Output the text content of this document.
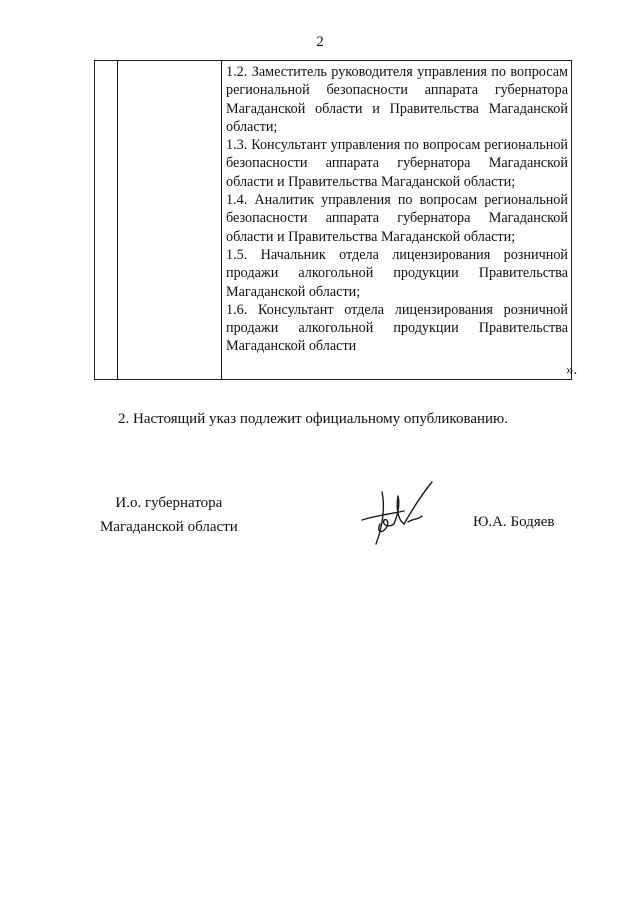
2

1.2. Заместитель руководителя управления по вопросам региональной безопасности аппарата губернатора Магаданской области и Правительства Магаданской области;

1.3. Консультант управления по вопросам региональной безопасности аппарата губернатора Магаданской области и Правительства Магаданской области;

1.4. Аналитик управления по вопросам региональной безопасности аппарата губернатора Магаданской области и Правительства Магаданской области;

1.5. Начальник отдела лицензирования розничной продажи алкогольной продукции Правительства Магаданской области;

1.6. Консультант отдела лицензирования розничной продажи алкогольной продукции Правительства Магаданской области

».
2. Настоящий указ подлежит официальному опубликованию.
И.о. губернатора
Магаданской области	Ю.А. Бодяев
